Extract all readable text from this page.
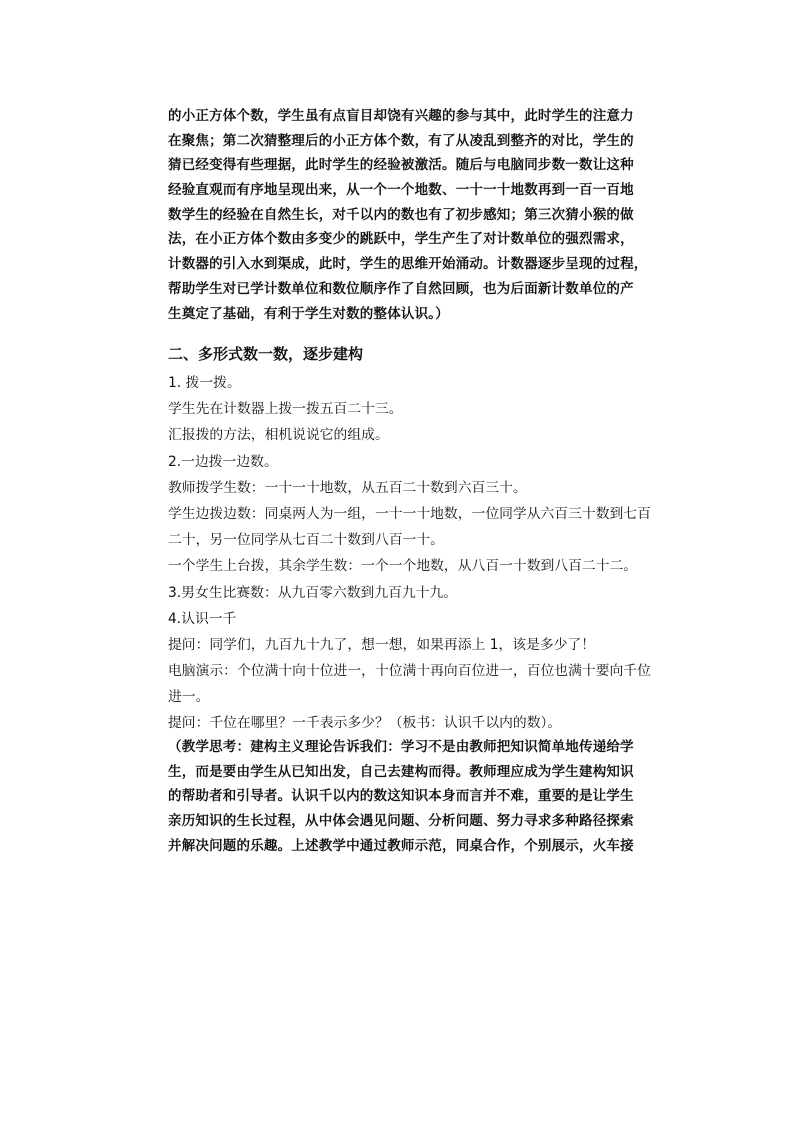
的小正方体个数，学生虽有点盲目却饶有兴趣的参与其中，此时学生的注意力
在聚焦；第二次猜整理后的小正方体个数，有了从凌乱到整齐的对比，学生的
猜已经变得有些理据，此时学生的经验被激活。随后与电脑同步数一数让这种
经验直观而有序地呈现出来，从一个一个地数、一十一十地数再到一百一百地
数学生的经验在自然生长，对千以内的数也有了初步感知；第三次猜小猴的做
法，在小正方体个数由多变少的跳跃中，学生产生了对计数单位的强烈需求，
计数器的引入水到渠成，此时，学生的思维开始涌动。计数器逐步呈现的过程，
帮助学生对已学计数单位和数位顺序作了自然回顾，也为后面新计数单位的产
生奠定了基础，有利于学生对数的整体认识。）
二、多形式数一数，逐步建构
1. 拨一拨。
学生先在计数器上拨一拨五百二十三。
汇报拨的方法，相机说说它的组成。
2.一边拨一边数。
教师拨学生数：一十一十地数，从五百二十数到六百三十。
学生边拨边数：同桌两人为一组，一十一十地数，一位同学从六百三十数到七百
二十，另一位同学从七百二十数到八百一十。
一个学生上台拨，其余学生数：一个一个地数，从八百一十数到八百二十二。
3.男女生比赛数：从九百零六数到九百九十九。
4.认识一千
提问：同学们，九百九十九了，想一想，如果再添上 1，该是多少了！
电脑演示：个位满十向十位进一，十位满十再向百位进一，百位也满十要向千位
进一。
提问：千位在哪里？一千表示多少？（板书：认识千以内的数）。
（教学思考：建构主义理论告诉我们：学习不是由教师把知识简单地传递给学
生，而是要由学生从已知出发，自己去建构而得。教师理应成为学生建构知识
的帮助者和引导者。认识千以内的数这知识本身而言并不难，重要的是让学生
亲历知识的生长过程，从中体会遇见问题、分析问题、努力寻求多种路径探索
并解决问题的乐趣。上述教学中通过教师示范，同桌合作，个别展示，火车接
